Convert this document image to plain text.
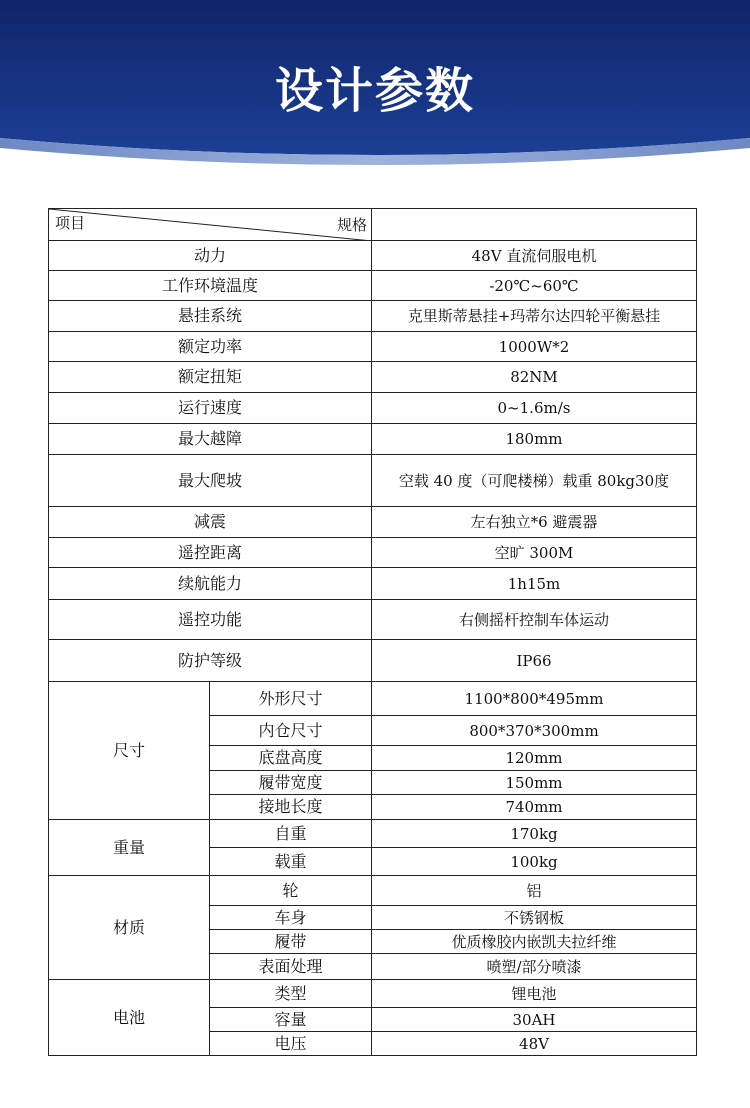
设计参数
项目 规格		

动力		48V 直流伺服电机
工作环境温度		-20℃~60℃
悬挂系统		克里斯蒂悬挂+玛蒂尔达四轮平衡悬挂
额定功率		1000W*2
额定扭矩		82NM
运行速度		0~1.6m/s
最大越障		180mm
最大爬坡		空载 40 度（可爬楼梯）载重 80kg30度
减震		左右独立*6 避震器
遥控距离		空旷 300M
续航能力		1h15m
遥控功能		右侧摇杆控制车体运动
防护等级		IP66
尺寸	外形尺寸	1100*800*495mm
	内仓尺寸	800*370*300mm
	底盘高度	120mm
	履带宽度	150mm
	接地长度	740mm
重量	自重	170kg
	载重	100kg
材质	轮	铝
	车身	不锈钢板
	履带	优质橡胶内嵌凯夫拉纤维
	表面处理	喷塑/部分喷漆
电池	类型	锂电池
	容量	30AH
	电压	48V
